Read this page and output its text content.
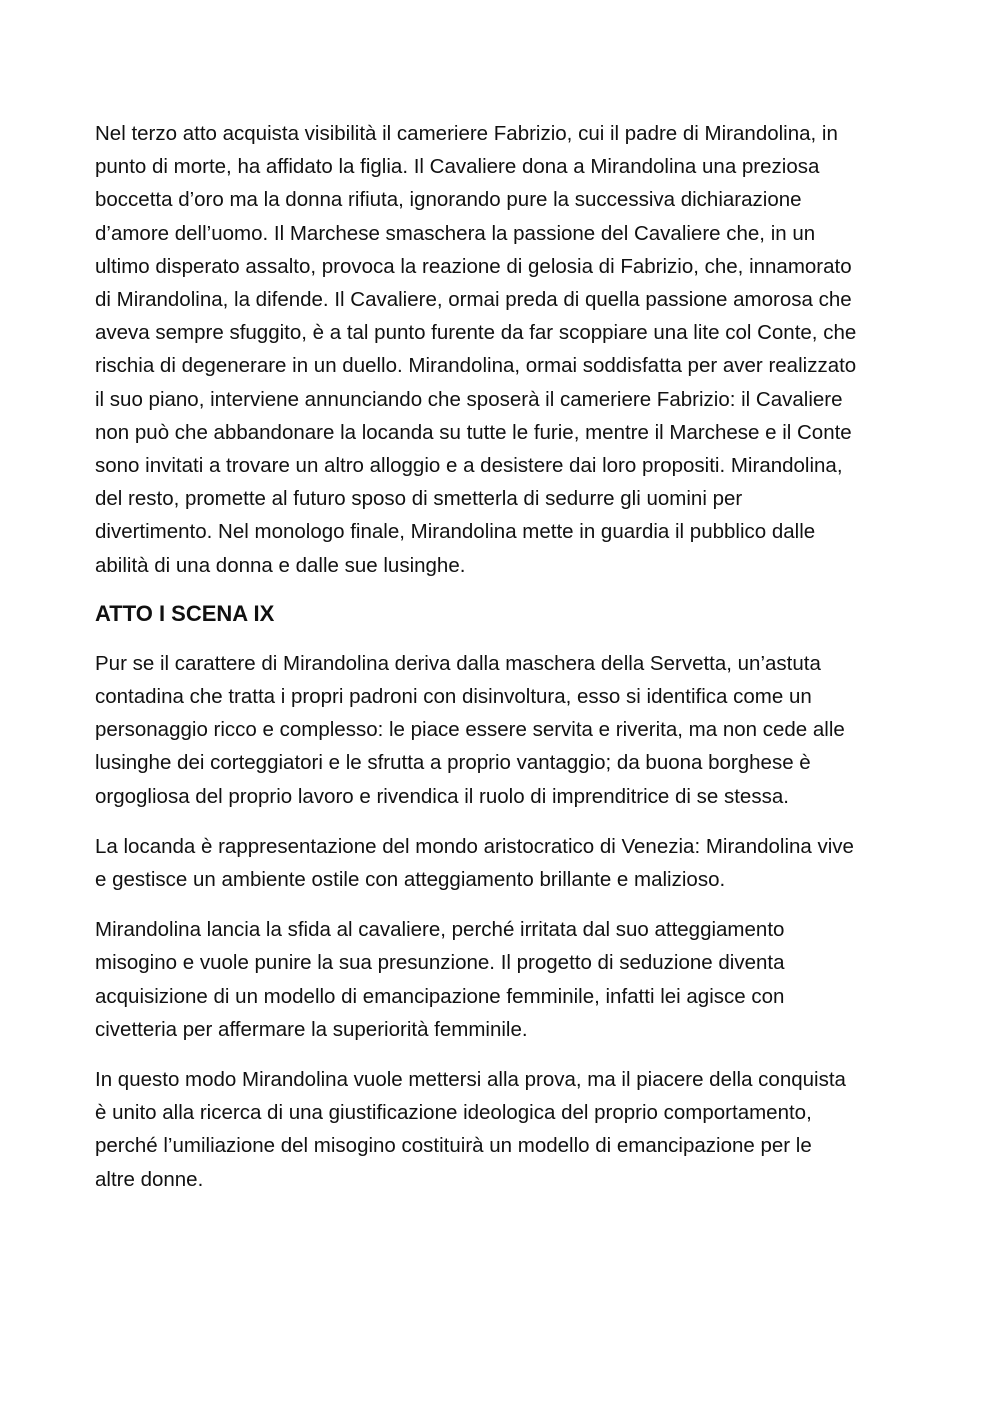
Nel terzo atto acquista visibilità il cameriere Fabrizio, cui il padre di Mirandolina, in
punto di morte, ha affidato la figlia. Il Cavaliere dona a Mirandolina una preziosa
boccetta d’oro ma la donna rifiuta, ignorando pure la successiva dichiarazione
d’amore dell’uomo. Il Marchese smaschera la passione del Cavaliere che, in un
ultimo disperato assalto, provoca la reazione di gelosia di Fabrizio, che, innamorato
di Mirandolina, la difende. Il Cavaliere, ormai preda di quella passione amorosa che
aveva sempre sfuggito, è a tal punto furente da far scoppiare una lite col Conte, che
rischia di degenerare in un duello. Mirandolina, ormai soddisfatta per aver realizzato
il suo piano, interviene annunciando che sposerà il cameriere Fabrizio: il Cavaliere
non può che abbandonare la locanda su tutte le furie, mentre il Marchese e il Conte
sono invitati a trovare un altro alloggio e a desistere dai loro propositi. Mirandolina,
del resto, promette al futuro sposo di smetterla di sedurre gli uomini per
divertimento. Nel monologo finale, Mirandolina mette in guardia il pubblico dalle
abilità di una donna e dalle sue lusinghe.
ATTO I SCENA IX
Pur se il carattere di Mirandolina deriva dalla maschera della Servetta, un’astuta
contadina che tratta i propri padroni con disinvoltura, esso si identifica come un
personaggio ricco e complesso: le piace essere servita e riverita, ma non cede alle
lusinghe dei corteggiatori e le sfrutta a proprio vantaggio; da buona borghese è
orgogliosa del proprio lavoro e rivendica il ruolo di imprenditrice di se stessa.
La locanda è rappresentazione del mondo aristocratico di Venezia: Mirandolina vive
e gestisce un ambiente ostile con atteggiamento brillante e malizioso.
Mirandolina lancia la sfida al cavaliere, perché irritata dal suo atteggiamento
misogino e vuole punire la sua presunzione. Il progetto di seduzione diventa
acquisizione di un modello di emancipazione femminile, infatti lei agisce con
civetteria per affermare la superiorità femminile.
In questo modo Mirandolina vuole mettersi alla prova, ma il piacere della conquista
è unito alla ricerca di una giustificazione ideologica del proprio comportamento,
perché l’umiliazione del misogino costituirà un modello di emancipazione per le
altre donne.
